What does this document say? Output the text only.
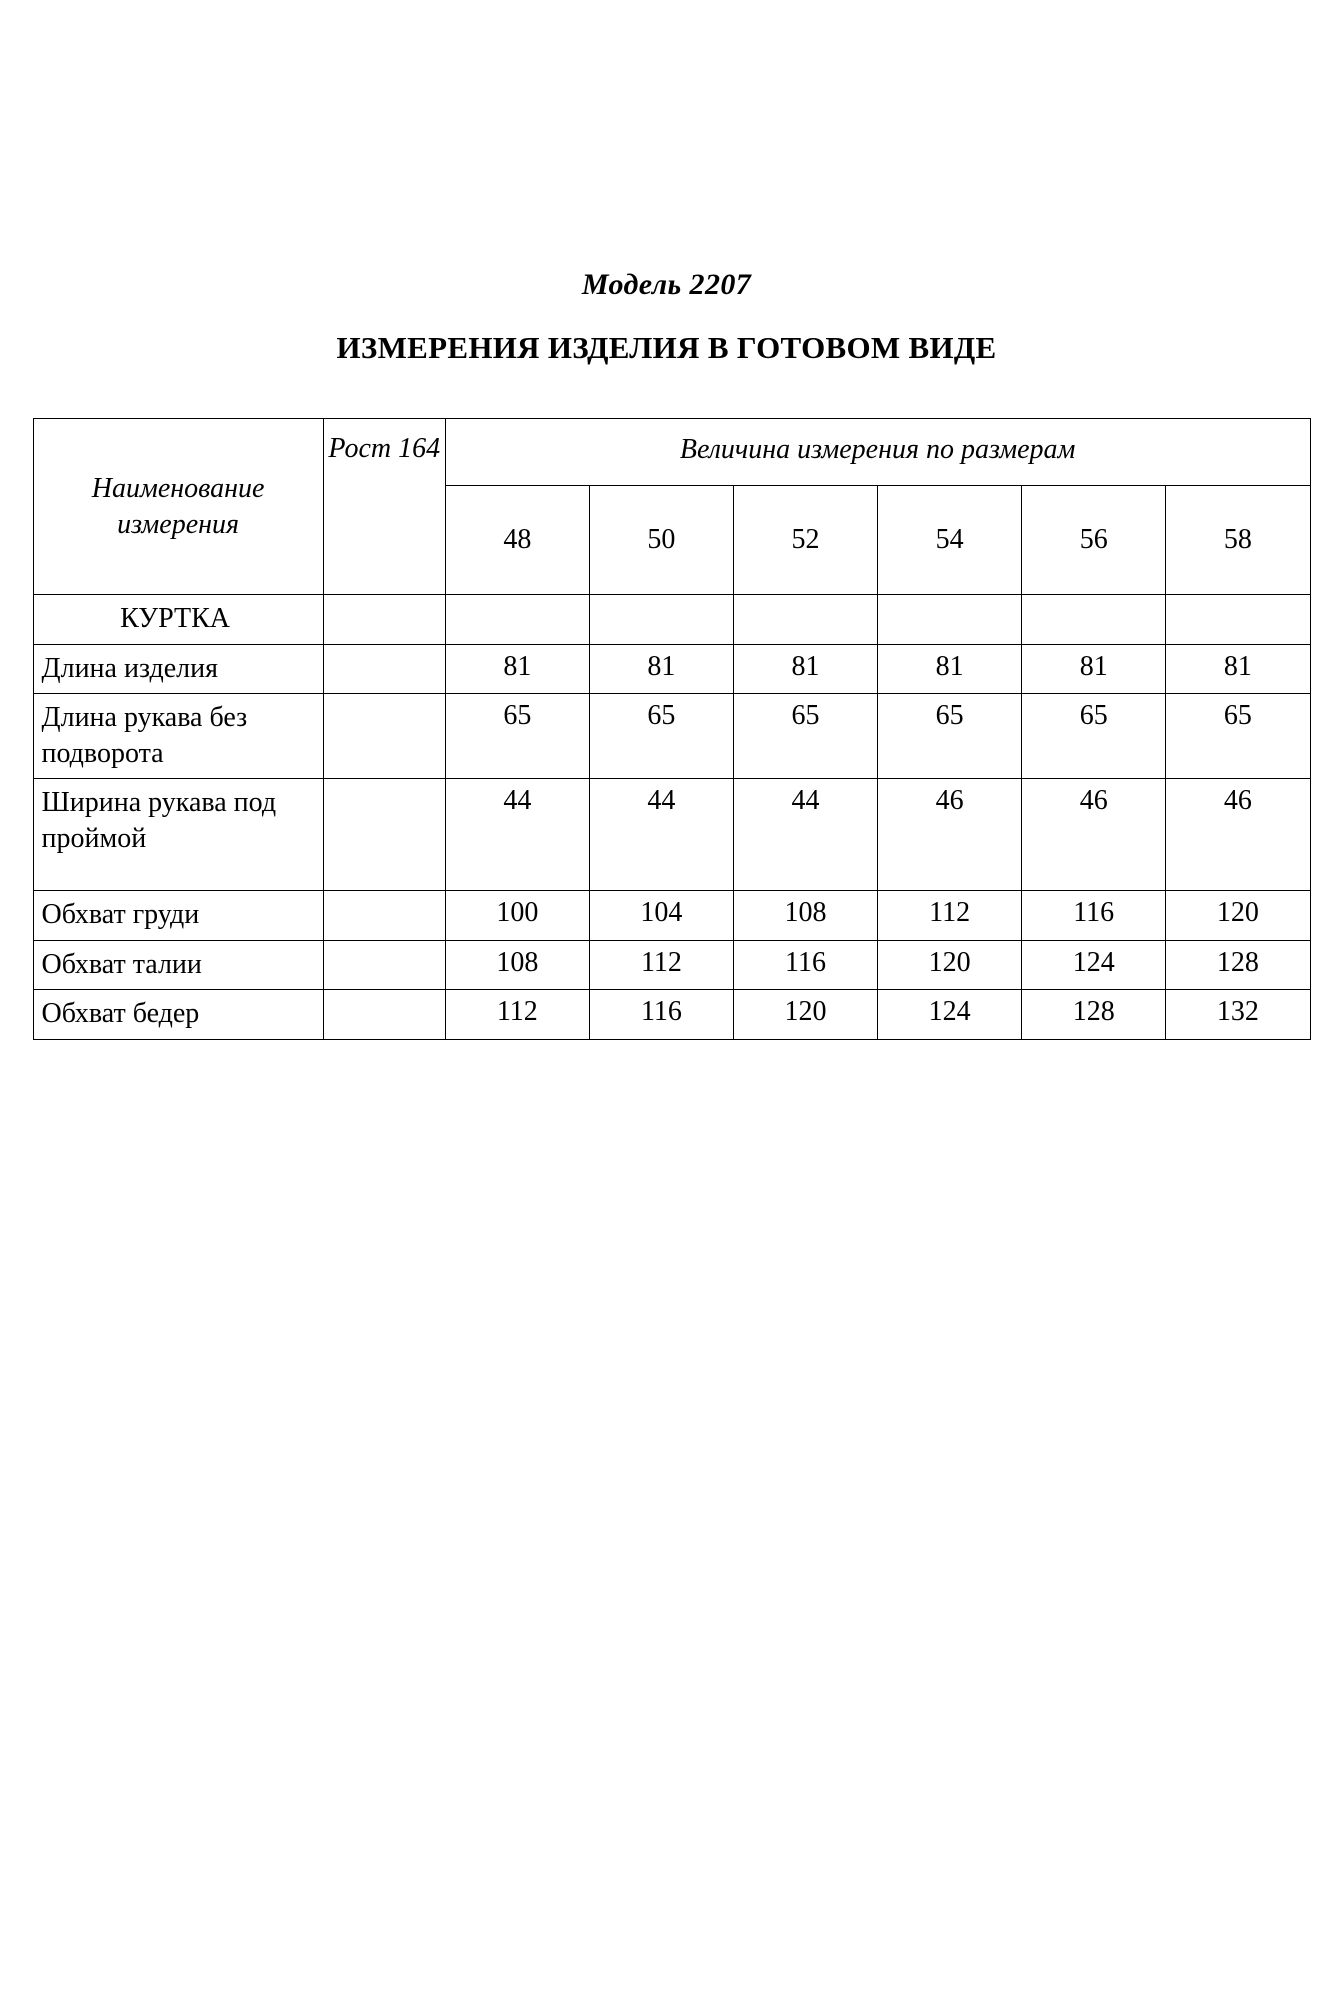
Модель 2207
ИЗМЕРЕНИЯ ИЗДЕЛИЯ В ГОТОВОМ ВИДЕ
Наименование измерения	Рост 164	Величина измерения по размерам					
		48	50	52	54	56	58
КУРТКА							
Длина изделия		81	81	81	81	81	81
Длина рукава без подворота		65	65	65	65	65	65
Ширина рукава под проймой		44	44	44	46	46	46
Обхват груди		100	104	108	112	116	120
Обхват талии		108	112	116	120	124	128
Обхват бедер		112	116	120	124	128	132
